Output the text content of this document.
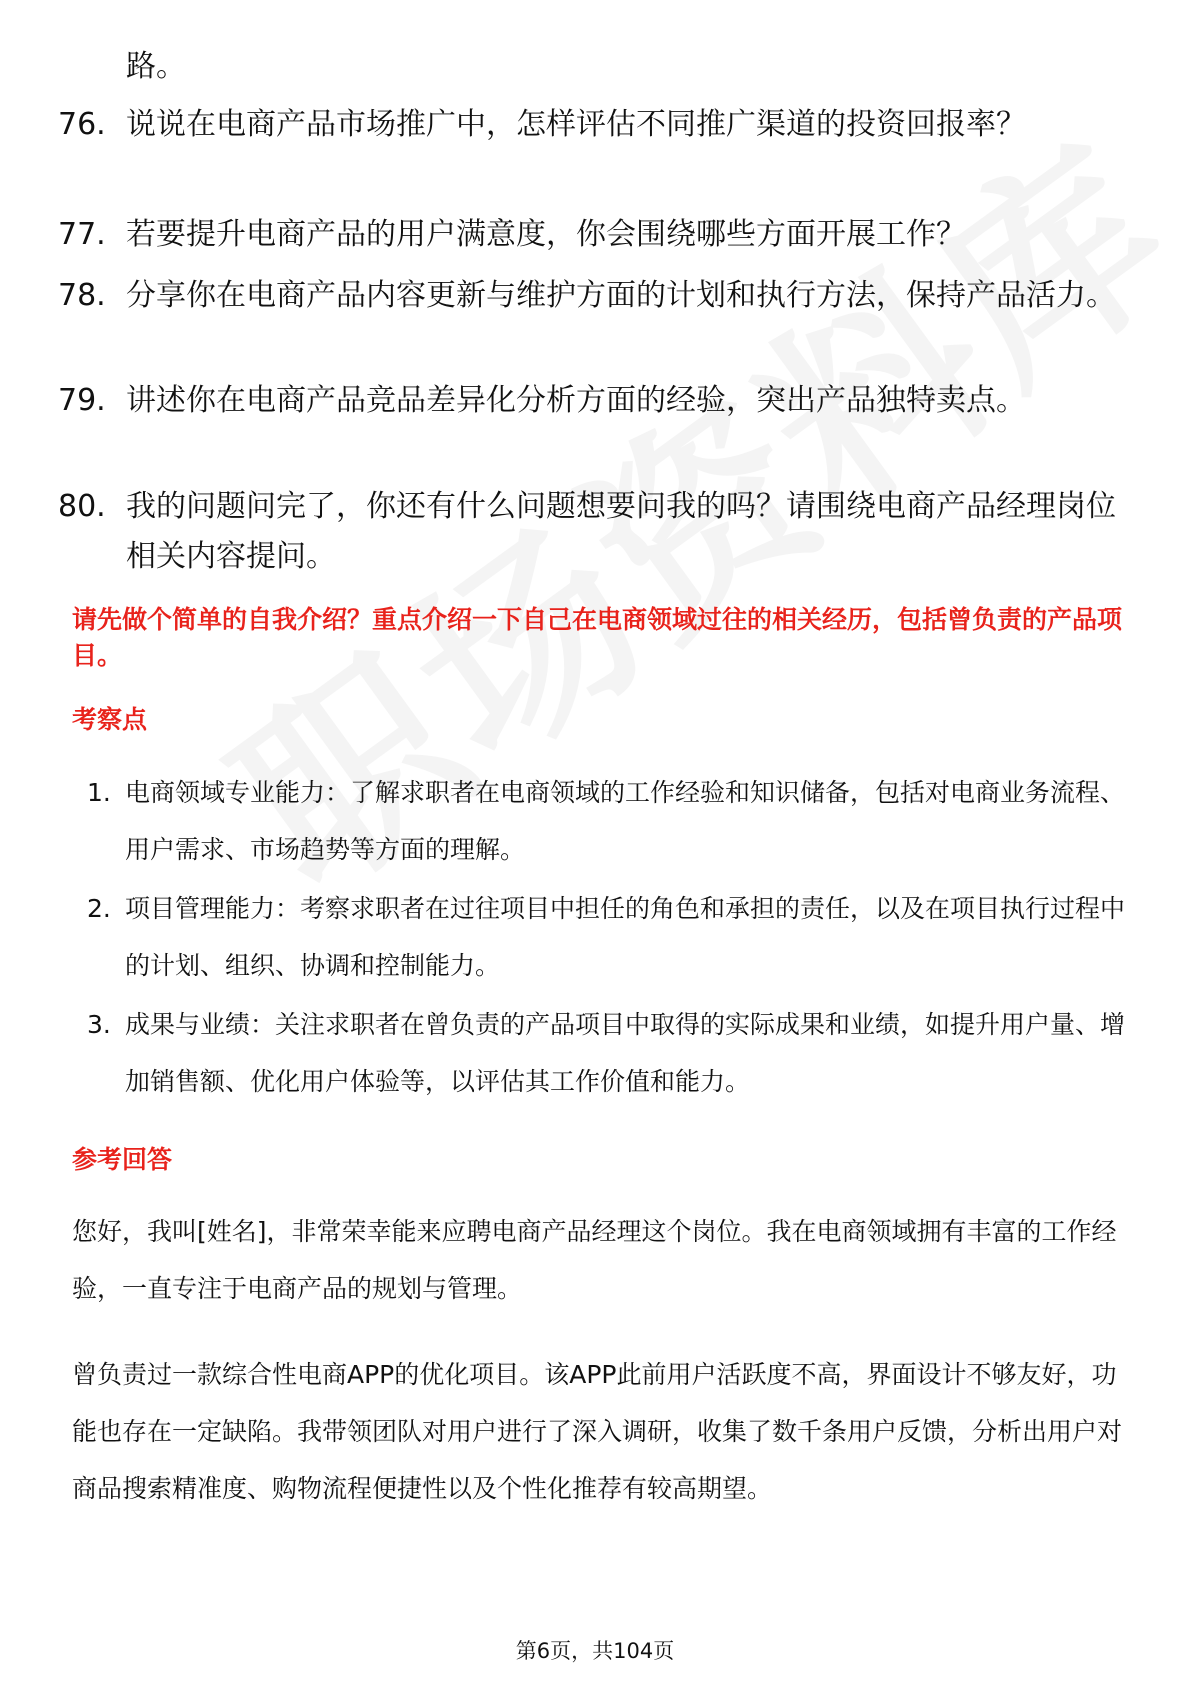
路。
76. 说说在电商产品市场推广中，怎样评估不同推广渠道的投资回报率？
77. 若要提升电商产品的用户满意度，你会围绕哪些方面开展工作？
78. 分享你在电商产品内容更新与维护方面的计划和执行方法，保持产品活力。
79. 讲述你在电商产品竞品差异化分析方面的经验，突出产品独特卖点。
80. 我的问题问完了，你还有什么问题想要问我的吗？请围绕电商产品经理岗位相关内容提问。
请先做个简单的自我介绍？重点介绍一下自己在电商领域过往的相关经历，包括曾负责的产品项目。
考察点
1. 电商领域专业能力：了解求职者在电商领域的工作经验和知识储备，包括对电商业务流程、用户需求、市场趋势等方面的理解。
2. 项目管理能力：考察求职者在过往项目中担任的角色和承担的责任，以及在项目执行过程中的计划、组织、协调和控制能力。
3. 成果与业绩：关注求职者在曾负责的产品项目中取得的实际成果和业绩，如提升用户量、增加销售额、优化用户体验等，以评估其工作价值和能力。
参考回答
您好，我叫[姓名]，非常荣幸能来应聘电商产品经理这个岗位。我在电商领域拥有丰富的工作经验，一直专注于电商产品的规划与管理。
曾负责过一款综合性电商APP的优化项目。该APP此前用户活跃度不高，界面设计不够友好，功能也存在一定缺陷。我带领团队对用户进行了深入调研，收集了数千条用户反馈，分析出用户对商品搜索精准度、购物流程便捷性以及个性化推荐有较高期望。
第6页，共104页
